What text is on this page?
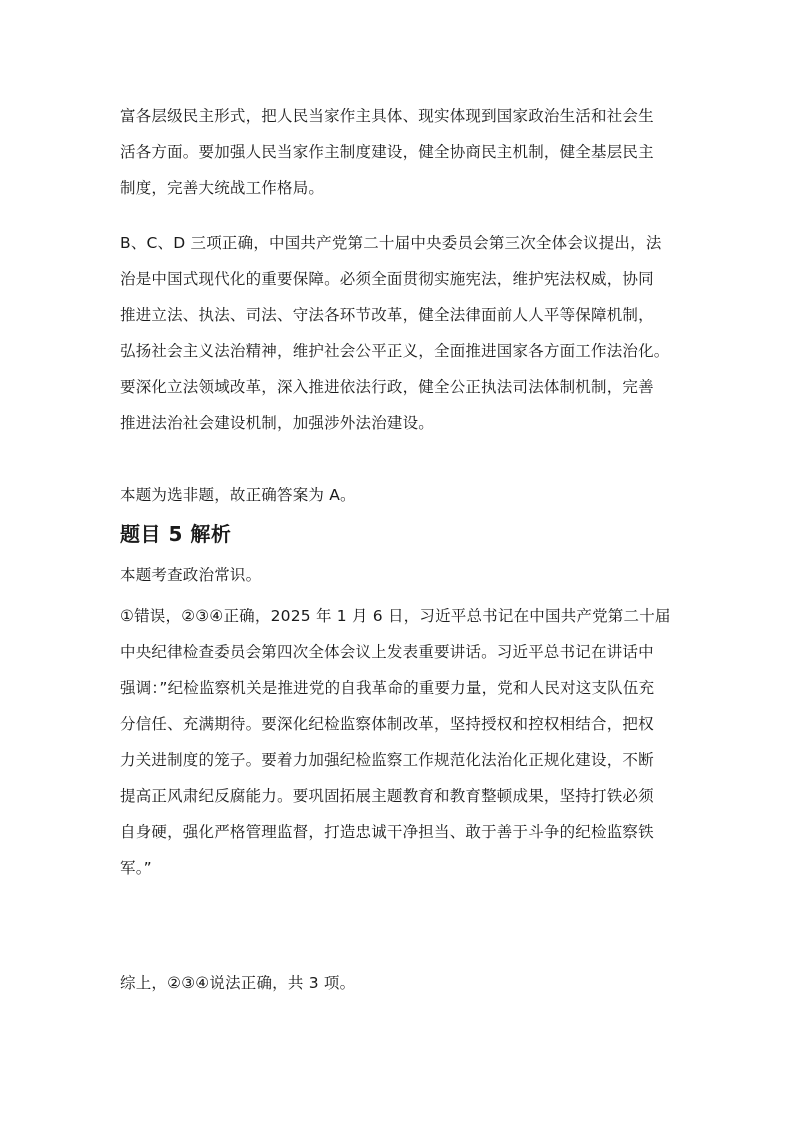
富各层级民主形式，把人民当家作主具体、现实体现到国家政治生活和社会生
活各方面。要加强人民当家作主制度建设，健全协商民主机制，健全基层民主
制度，完善大统战工作格局。

B、C、D 三项正确，中国共产党第二十届中央委员会第三次全体会议提出，法
治是中国式现代化的重要保障。必须全面贯彻实施宪法，维护宪法权威，协同
推进立法、执法、司法、守法各环节改革，健全法律面前人人平等保障机制，
弘扬社会主义法治精神，维护社会公平正义，全面推进国家各方面工作法治化。
要深化立法领域改革，深入推进依法行政，健全公正执法司法体制机制，完善
推进法治社会建设机制，加强涉外法治建设。

本题为选非题，故正确答案为 A。

题目 5 解析

本题考查政治常识。

①错误，②③④正确，2025 年 1 月 6 日，习近平总书记在中国共产党第二十届
中央纪律检查委员会第四次全体会议上发表重要讲话。习近平总书记在讲话中
强调：”纪检监察机关是推进党的自我革命的重要力量，党和人民对这支队伍充
分信任、充满期待。要深化纪检监察体制改革，坚持授权和控权相结合，把权
力关进制度的笼子。要着力加强纪检监察工作规范化法治化正规化建设，不断
提高正风肃纪反腐能力。要巩固拓展主题教育和教育整顿成果，坚持打铁必须
自身硬，强化严格管理监督，打造忠诚干净担当、敢于善于斗争的纪检监察铁
军。”

综上，②③④说法正确，共 3 项。
